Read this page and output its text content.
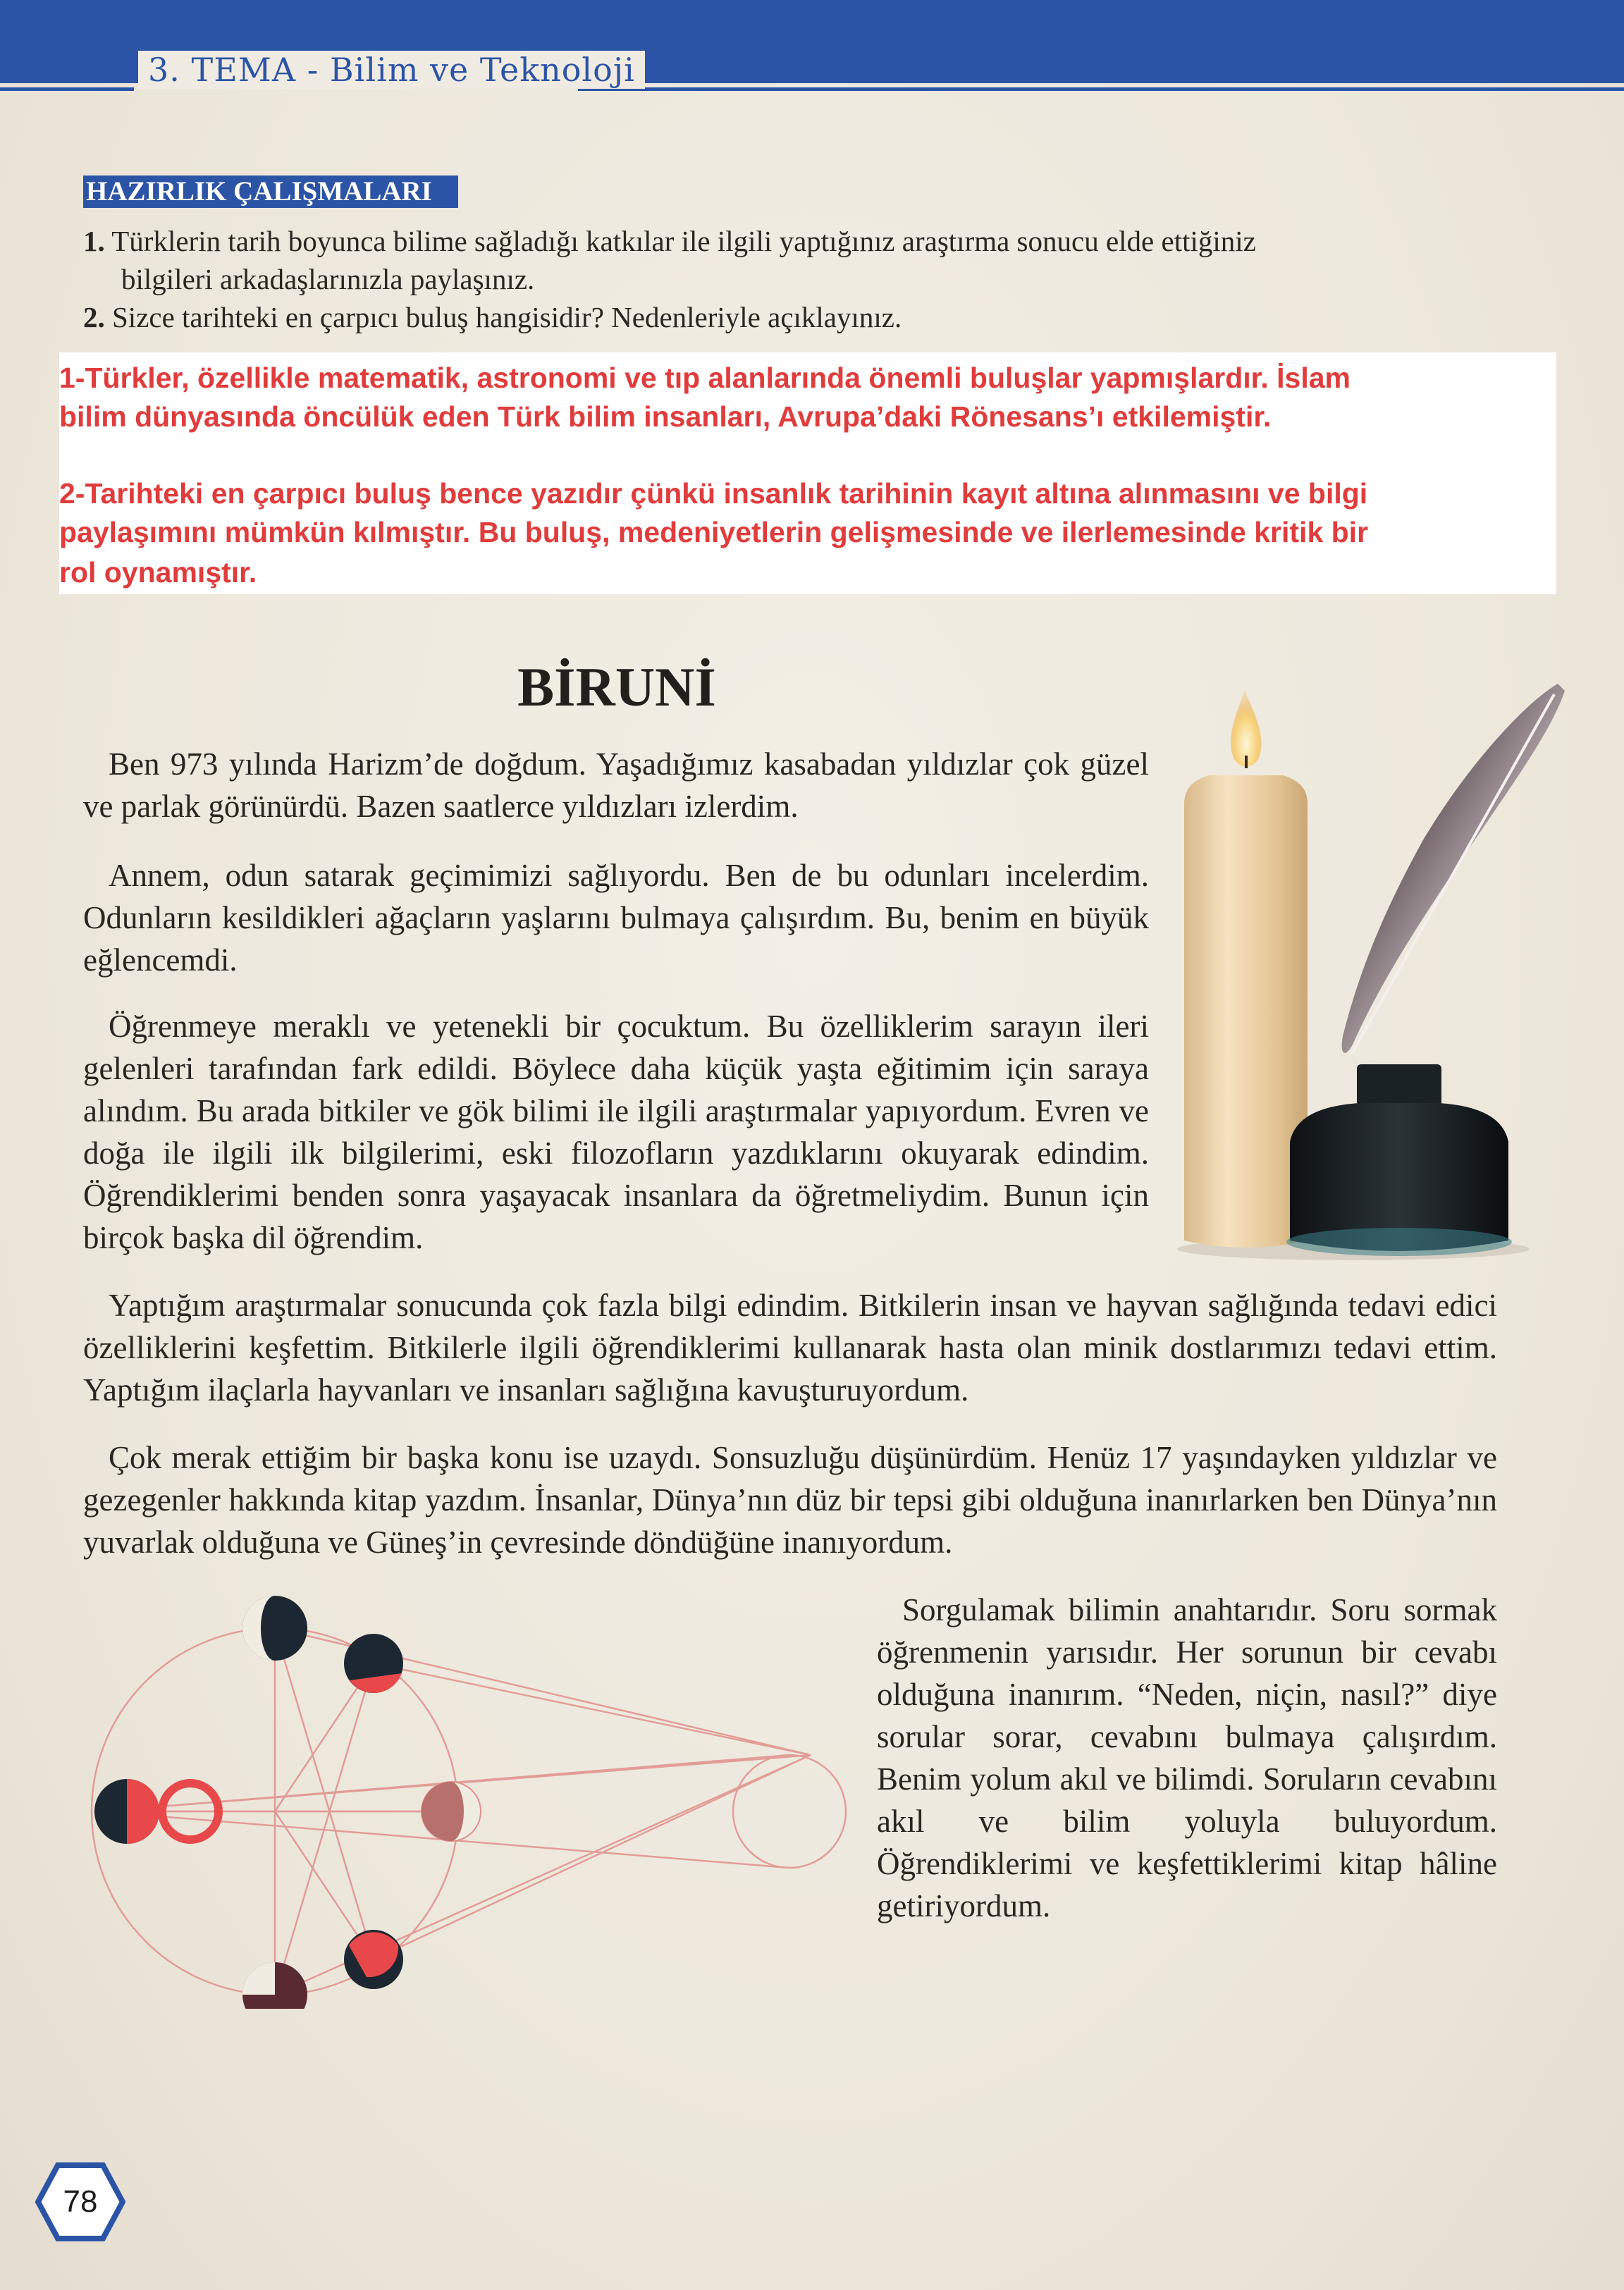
3. TEMA - Bilim ve Teknoloji
HAZIRLIK ÇALIŞMALARI
1. Türklerin tarih boyunca bilime sağladığı katkılar ile ilgili yaptığınız araştırma sonucu elde ettiğiniz
bilgileri arkadaşlarınızla paylaşınız.
2. Sizce tarihteki en çarpıcı buluş hangisidir? Nedenleriyle açıklayınız.
1-Türkler, özellikle matematik, astronomi ve tıp alanlarında önemli buluşlar yapmışlardır. İslam
bilim dünyasında öncülük eden Türk bilim insanları, Avrupa’daki Rönesans’ı etkilemiştir.
2-Tarihteki en çarpıcı buluş bence yazıdır çünkü insanlık tarihinin kayıt altına alınmasını ve bilgi
paylaşımını mümkün kılmıştır. Bu buluş, medeniyetlerin gelişmesinde ve ilerlemesinde kritik bir
rol oynamıştır.
BİRUNİ

Ben 973 yılında Harizm’de doğdum. Yaşadığımız kasabadan yıldızlar çok güzel ve parlak görünürdü. Bazen saatlerce yıldızları izlerdim.

Annem, odun satarak geçimimizi sağlıyordu. Ben de bu odunları incelerdim. Odunların kesildikleri ağaçların yaşlarını bulmaya çalışırdım. Bu, benim en büyük eğlencemdi.

Öğrenmeye meraklı ve yetenekli bir çocuktum. Bu özelliklerim sarayın ileri gelenleri tarafından fark edildi. Böylece daha küçük yaşta eğitimim için saraya alındım. Bu arada bitkiler ve gök bilimi ile ilgili araştırmalar yapıyordum. Evren ve doğa ile ilgili ilk bilgilerimi, eski filozofların yazdıklarını okuyarak edindim. Öğrendiklerimi benden sonra yaşayacak insanlara da öğretmeliydim. Bunun için birçok başka dil öğrendim.

Yaptığım araştırmalar sonucunda çok fazla bilgi edindim. Bitkilerin insan ve hayvan sağlığında tedavi edici özelliklerini keşfettim. Bitkilerle ilgili öğrendiklerimi kullanarak hasta olan minik dostlarımızı tedavi ettim. Yaptığım ilaçlarla hayvanları ve insanları sağlığına kavuşturuyordum.

Çok merak ettiğim bir başka konu ise uzaydı. Sonsuzluğu düşünürdüm. Henüz 17 yaşındayken yıldızlar ve gezegenler hakkında kitap yazdım. İnsanlar, Dünya’nın düz bir tepsi gibi olduğuna inanırlarken ben Dünya’nın yuvarlak olduğuna ve Güneş’in çevresinde döndüğüne inanıyordum.

Sorgulamak bilimin anahtarıdır. Soru sormak öğrenmenin yarısıdır. Her sorunun bir cevabı olduğuna inanırım. “Neden, niçin, nasıl?” diye sorular sorar, cevabını bulmaya çalışırdım. Benim yolum akıl ve bilimdi. Soruların cevabını akıl ve bilim yoluyla buluyordum. Öğrendiklerimi ve keşfettiklerimi kitap hâline getiriyordum.

78
